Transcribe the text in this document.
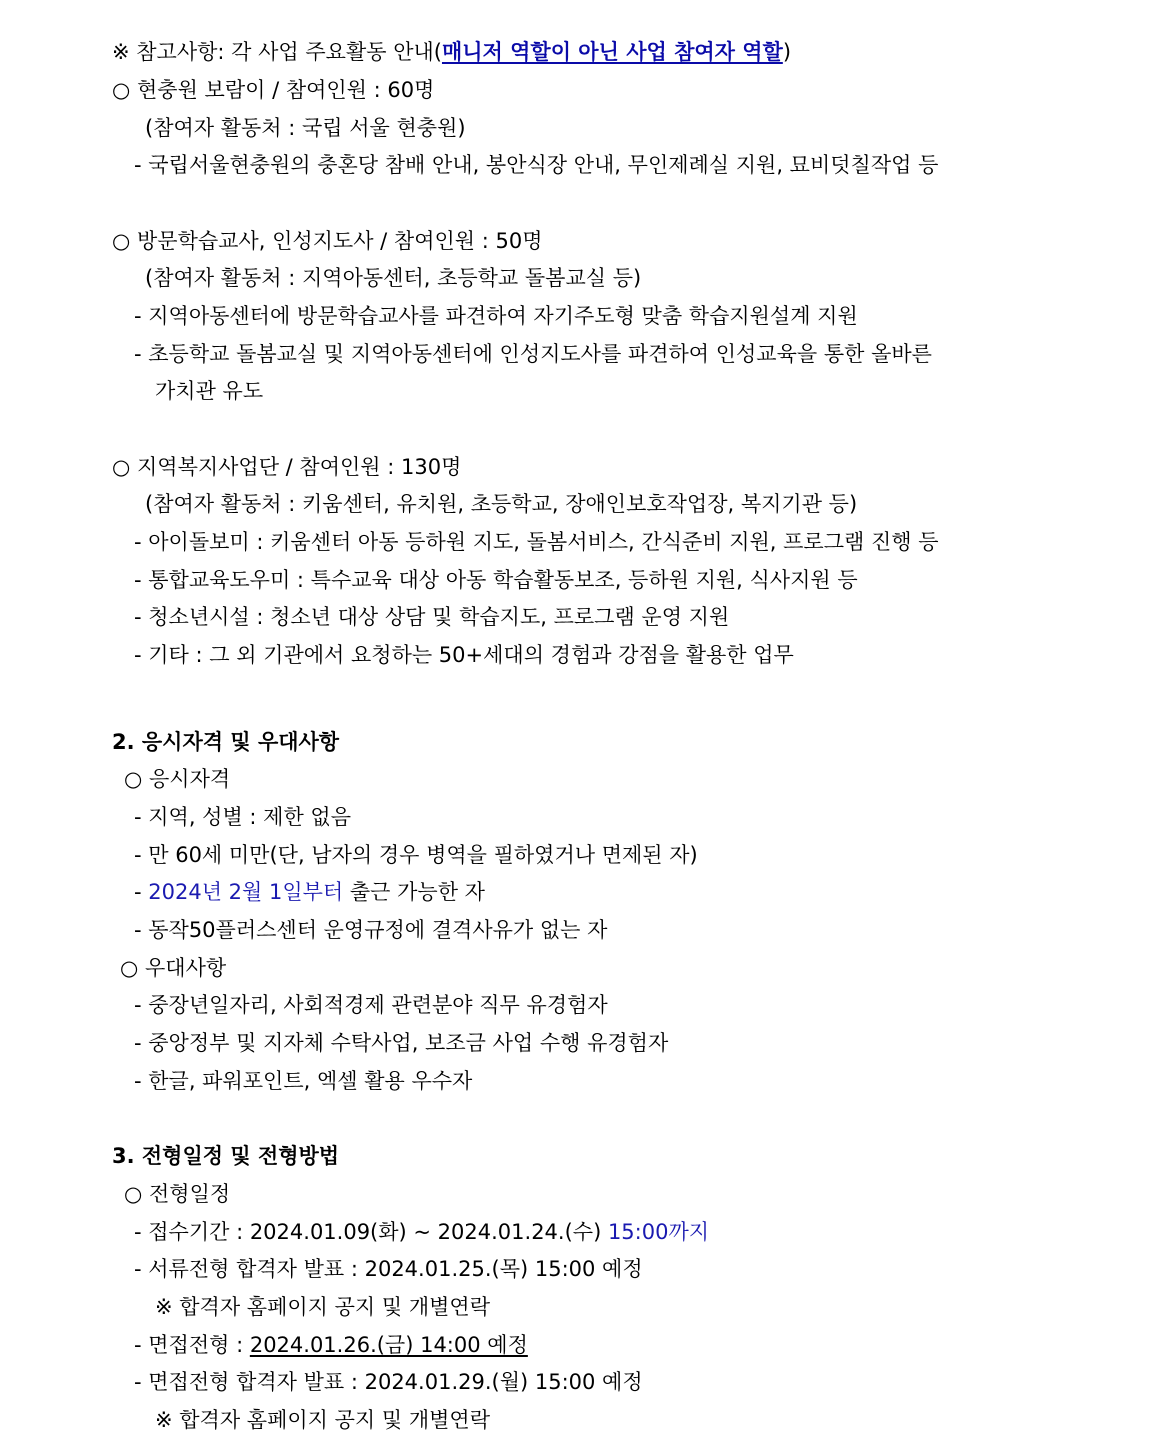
※ 참고사항: 각 사업 주요활동 안내(매니저 역할이 아닌 사업 참여자 역할)
○ 현충원 보람이 / 참여인원 : 60명
(참여자 활동처 : 국립 서울 현충원)
- 국립서울현충원의 충혼당 참배 안내, 봉안식장 안내, 무인제례실 지원, 묘비덧칠작업 등
○ 방문학습교사, 인성지도사 / 참여인원 : 50명
(참여자 활동처 : 지역아동센터, 초등학교 돌봄교실 등)
- 지역아동센터에 방문학습교사를 파견하여 자기주도형 맞춤 학습지원설계 지원
- 초등학교 돌봄교실 및 지역아동센터에 인성지도사를 파견하여 인성교육을 통한 올바른
가치관 유도
○ 지역복지사업단 / 참여인원 : 130명
(참여자 활동처 : 키움센터, 유치원, 초등학교, 장애인보호작업장, 복지기관 등)
- 아이돌보미 : 키움센터 아동 등하원 지도, 돌봄서비스, 간식준비 지원, 프로그램 진행 등
- 통합교육도우미 : 특수교육 대상 아동 학습활동보조, 등하원 지원, 식사지원 등
- 청소년시설 : 청소년 대상 상담 및 학습지도, 프로그램 운영 지원
- 기타 : 그 외 기관에서 요청하는 50+세대의 경험과 강점을 활용한 업무
2. 응시자격 및 우대사항
○ 응시자격
- 지역, 성별 : 제한 없음
- 만 60세 미만(단, 남자의 경우 병역을 필하였거나 면제된 자)
- 2024년 2월 1일부터 출근 가능한 자
- 동작50플러스센터 운영규정에 결격사유가 없는 자
○ 우대사항
- 중장년일자리, 사회적경제 관련분야 직무 유경험자
- 중앙정부 및 지자체 수탁사업, 보조금 사업 수행 유경험자
- 한글, 파워포인트, 엑셀 활용 우수자
3. 전형일정 및 전형방법
○ 전형일정
- 접수기간 : 2024.01.09(화) ~ 2024.01.24.(수) 15:00까지
- 서류전형 합격자 발표 : 2024.01.25.(목) 15:00 예정
※ 합격자 홈페이지 공지 및 개별연락
- 면접전형 : 2024.01.26.(금) 14:00 예정
- 면접전형 합격자 발표 : 2024.01.29.(월) 15:00 예정
※ 합격자 홈페이지 공지 및 개별연락
